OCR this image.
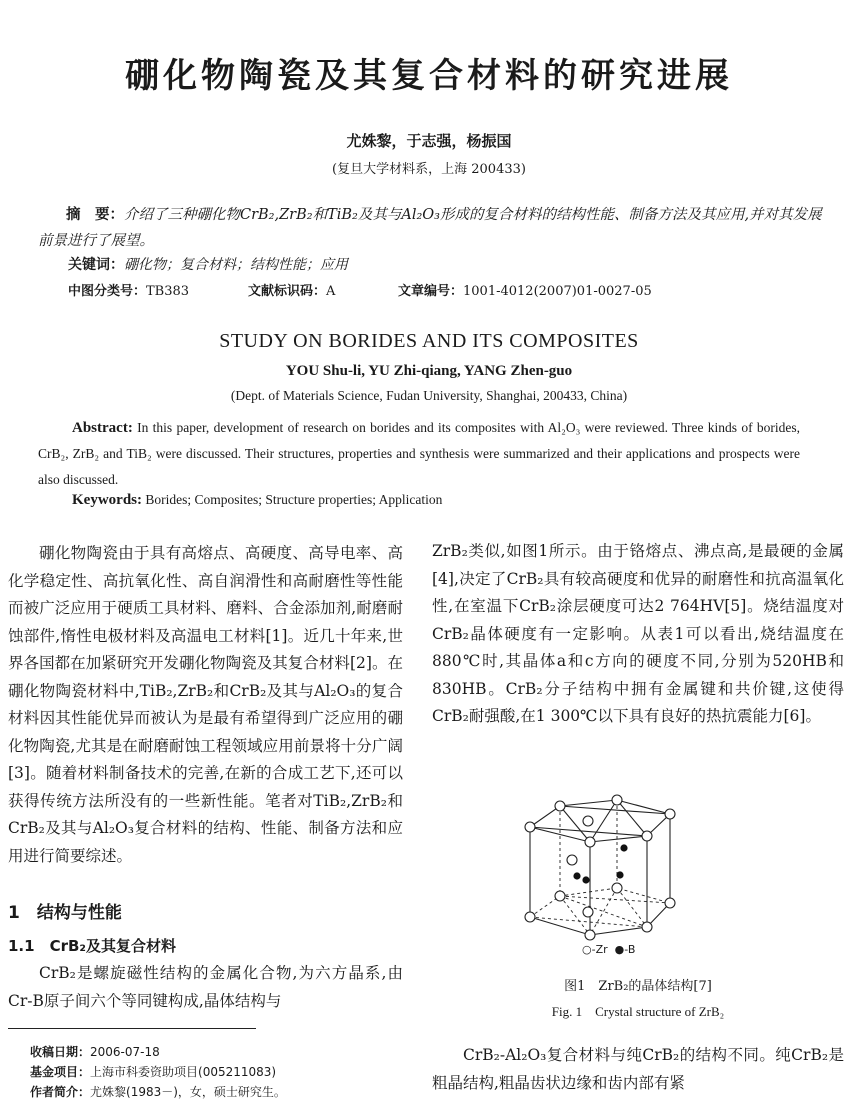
硼化物陶瓷及其复合材料的研究进展
尤姝黎，于志强，杨振国
(复旦大学材料系，上海 200433)
摘　要：介绍了三种硼化物CrB₂,ZrB₂和TiB₂及其与Al₂O₃形成的复合材料的结构性能、制备方法及其应用,并对其发展前景进行了展望。
关键词：硼化物；复合材料；结构性能；应用
中图分类号：TB383	文献标识码：A	文章编号：1001-4012(2007)01-0027-05
STUDY ON BORIDES AND ITS COMPOSITES
YOU Shu-li, YU Zhi-qiang, YANG Zhen-guo
(Dept. of Materials Science, Fudan University, Shanghai, 200433, China)
Abstract: In this paper, development of research on borides and its composites with Al₂O₃ were reviewed. Three kinds of borides, CrB₂, ZrB₂ and TiB₂ were discussed. Their structures, properties and synthesis were summarized and their applications and prospects were also discussed.
Keywords: Borides; Composites; Structure properties; Application

硼化物陶瓷由于具有高熔点、高硬度、高导电率、高化学稳定性、高抗氧化性、高自润滑性和高耐磨性等性能而被广泛应用于硬质工具材料、磨料、合金添加剂,耐磨耐蚀部件,惰性电极材料及高温电工材料[1]。近几十年来,世界各国都在加紧研究开发硼化物陶瓷及其复合材料[2]。在硼化物陶瓷材料中,TiB₂,ZrB₂和CrB₂及其与Al₂O₃的复合材料因其性能优异而被认为是最有希望得到广泛应用的硼化物陶瓷,尤其是在耐磨耐蚀工程领域应用前景将十分广阔[3]。随着材料制备技术的完善,在新的合成工艺下,还可以获得传统方法所没有的一些新性能。笔者对TiB₂,ZrB₂和CrB₂及其与Al₂O₃复合材料的结构、性能、制备方法和应用进行简要综述。

1　结构与性能
1.1　CrB₂及其复合材料

CrB₂是螺旋磁性结构的金属化合物,为六方晶系,由Cr-B原子间六个等同键构成,晶体结构与

ZrB₂类似,如图1所示。由于铬熔点、沸点高,是最硬的金属[4],决定了CrB₂具有较高硬度和优异的耐磨性和抗高温氧化性,在室温下CrB₂涂层硬度可达2 764HV[5]。烧结温度对CrB₂晶体硬度有一定影响。从表1可以看出,烧结温度在880℃时,其晶体a和c方向的硬度不同,分别为520HB和830HB。CrB₂分子结构中拥有金属键和共价键,这使得CrB₂耐强酸,在1 300℃以下具有良好的热抗震能力[6]。

○-Zr ●-B
图1　ZrB₂的晶体结构[7]
Fig. 1　Crystal structure of ZrB₂

CrB₂-Al₂O₃复合材料与纯CrB₂的结构不同。纯CrB₂是粗晶结构,粗晶齿状边缘和齿内部有紧

收稿日期：2006-07-18
基金项目：上海市科委资助项目(005211083)
作者简介：尤姝黎(1983－)，女，硕士研究生。
